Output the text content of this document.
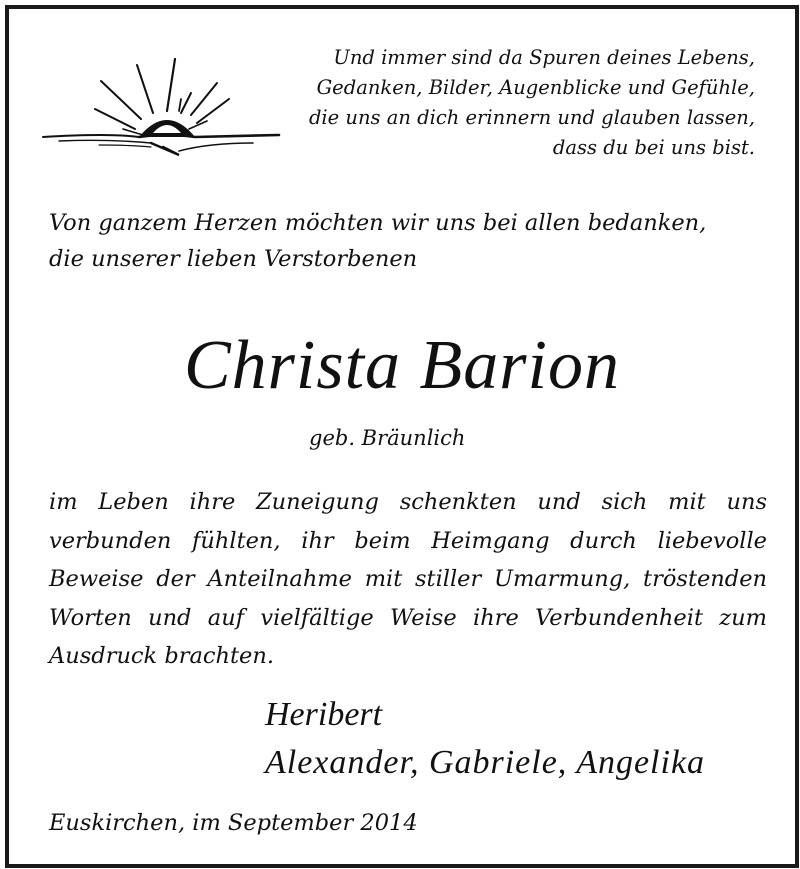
Und immer sind da Spuren deines Lebens,
Gedanken, Bilder, Augenblicke und Gefühle,
die uns an dich erinnern und glauben lassen,
dass du bei uns bist.
Von ganzem Herzen möchten wir uns bei allen bedanken,
die unserer lieben Verstorbenen
Christa Barion
geb. Bräunlich
im Leben ihre Zuneigung schenkten und sich mit uns verbunden fühlten, ihr beim Heimgang durch liebevolle Beweise der Anteilnahme mit stiller Umarmung, tröstenden Worten und auf vielfältige Weise ihre Verbundenheit zum Ausdruck brachten.
Heribert
Alexander, Gabriele, Angelika
Euskirchen, im September 2014
